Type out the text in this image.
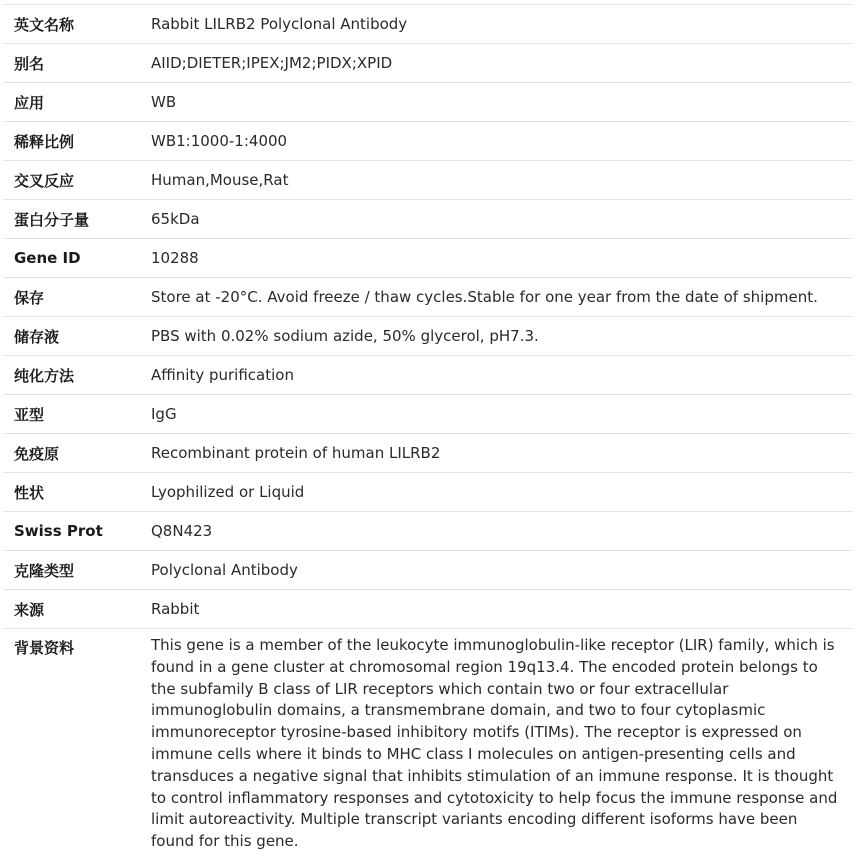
英文名称	Rabbit LILRB2 Polyclonal Antibody
别名	AIID;DIETER;IPEX;JM2;PIDX;XPID
应用	WB
稀释比例	WB1:1000-1:4000
交叉反应	Human,Mouse,Rat
蛋白分子量	65kDa
Gene ID	10288
保存	Store at -20°C. Avoid freeze / thaw cycles.Stable for one year from the date of shipment.
储存液	PBS with 0.02% sodium azide, 50% glycerol, pH7.3.
纯化方法	Affinity purification
亚型	IgG
免疫原	Recombinant protein of human LILRB2
性状	Lyophilized or Liquid
Swiss Prot	Q8N423
克隆类型	Polyclonal Antibody
来源	Rabbit
背景资料	This gene is a member of the leukocyte immunoglobulin-like receptor (LIR) family, which is found in a gene cluster at chromosomal region 19q13.4. The encoded protein belongs to the subfamily B class of LIR receptors which contain two or four extracellular immunoglobulin domains, a transmembrane domain, and two to four cytoplasmic immunoreceptor tyrosine-based inhibitory motifs (ITIMs). The receptor is expressed on immune cells where it binds to MHC class I molecules on antigen-presenting cells and transduces a negative signal that inhibits stimulation of an immune response. It is thought to control inflammatory responses and cytotoxicity to help focus the immune response and limit autoreactivity. Multiple transcript variants encoding different isoforms have been found for this gene.
